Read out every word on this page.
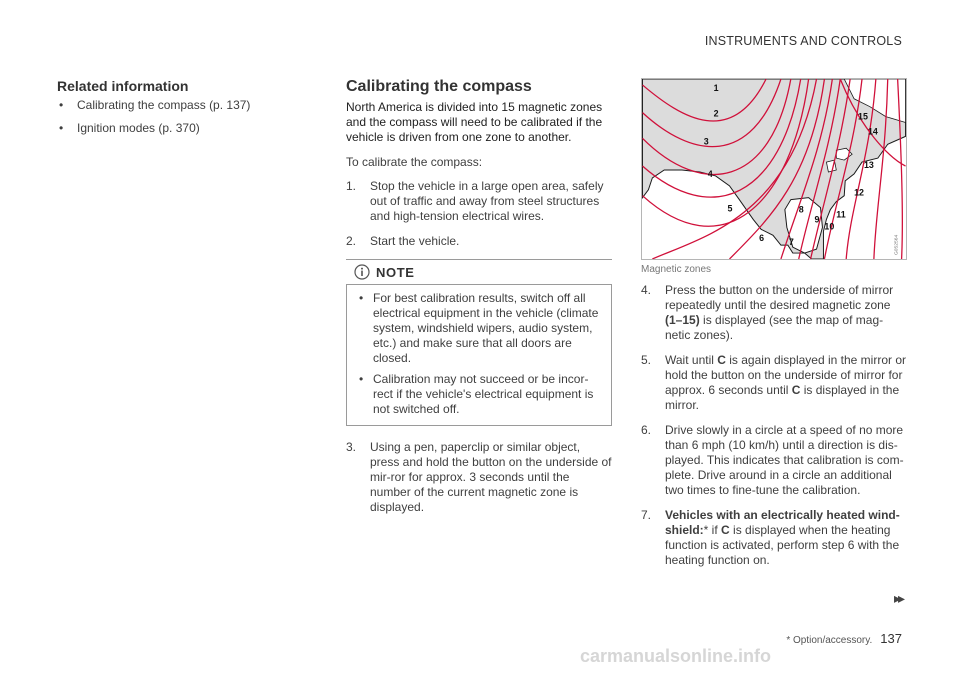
INSTRUMENTS AND CONTROLS
Related information
• Calibrating the compass (p. 137)
• Ignition modes (p. 370)
Calibrating the compass

North America is divided into 15 magnetic zones and the compass will need to be calibrated if the vehicle is driven from one zone to another.

To calibrate the compass:

1. Stop the vehicle in a large open area, safely out of traffic and away from steel structures and high-tension electrical wires.
2. Start the vehicle.
NOTE
• For best calibration results, switch off all electrical equipment in the vehicle (climate system, windshield wipers, audio system, etc.) and make sure that all doors are closed.
• Calibration may not succeed or be incor-rect if the vehicle's electrical equipment is not switched off.
3. Using a pen, paperclip or similar object, press and hold the button on the underside of mir-ror for approx. 3 seconds until the number of the current magnetic zone is displayed.
1
2
3
4
5
6	7
8
9
10
11
12
13
14
15
G052564
Magnetic zones
4. Press the button on the underside of mirror repeatedly until the desired magnetic zone (1–15) is displayed (see the map of mag-netic zones).
5. Wait until C is again displayed in the mirror or hold the button on the underside of mirror for approx. 6 seconds until C is displayed in the mirror.
6. Drive slowly in a circle at a speed of no more than 6 mph (10 km/h) until a direction is dis-played. This indicates that calibration is com-plete. Drive around in a circle an additional two times to fine-tune the calibration.
7. Vehicles with an electrically heated wind-shield:* if C is displayed when the heating function is activated, perform step 6 with the heating function on.
▸▸
* Option/accessory. 137
carmanualsonline.info
